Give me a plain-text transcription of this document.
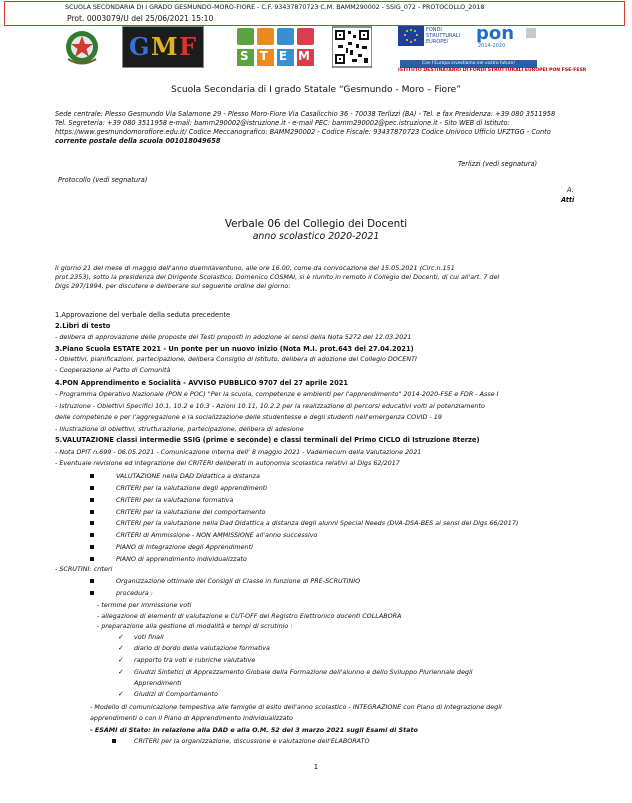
SCUOLA SECONDARIA DI I GRADO GESMUNDO-MORO-FIORE - C.F. 93437870723 C.M. BAMM290002 - SSIG_072 - PROTOCOLLO_2018
Prot. 0003079/U del 25/06/2021 15:10
G M F	STEM
FONDI STRUTTURALI EUROPEI	pon
2014-2020
Con l'Europa investiamo nel vostro futuro!
ISTITUTO DESTINATARIO DI FONDI STRUTTURALI EUROPEI PON FSE-FESR
Scuola Secondaria di I grado Statale “Gesmundo - Moro – Fiore”
Sede centrale: Plesso Gesmundo Via Salamone 29 - Plesso Moro-Fiore Via Casalicchio 36 - 70038 Terlizzi (BA) - Tel. e fax Presidenza: +39 080 3511958
Tel. Segreteria: +39 080 3511958 e-mail: bamm290002@istruzione.it - e-mail PEC: bamm290002@pec.istruzione.it - Sito WEB di Istituto:
https://www.gesmundomorofiore.edu.it/ Codice Meccanografico: BAMM290002 - Codice Fiscale: 93437870723 Codice Univoco Ufficio UFZTGG - Conto
corrente postale della scuola 001018049658
Terlizzi (vedi segnatura)
Protocollo (vedi segnatura)
A:
Atti
Verbale 06 del Collegio dei Docenti
anno scolastico 2020-2021
Il giorno 21 del mese di maggio dell'anno duemilaventuno, alle ore 16.00, come da convocazione del 15.05.2021 (Circ.n.151
prot.2353), sotto la presidenza del Dirigente Scolastico, Domenico COSMAI, si è riunito in remoto il Collegio dei Docenti, di cui all'art. 7 del
Dlgs 297/1994, per discutere e deliberare sul seguente ordine del giorno:
1.Approvazione del verbale della seduta precedente
2.Libri di testo
- delibera di approvazione delle proposte dei Testi proposti in adozione ai sensi della Nota 5272 del 12.03.2021
3.Piano Scuola ESTATE 2021 - Un ponte per un nuovo inizio (Nota M.I. prot.643 del 27.04.2021)
- Obiettivi, pianificazioni, partecipazione, delibera Consiglio di Istituto, delibera di adozione del Collegio DOCENTI
- Cooperazione al Patto di Comunità
4.PON Apprendimento e Socialità - AVVISO PUBBLICO 9707 del 27 aprile 2021
- Programma Operativo Nazionale (PON e POC) "Per la scuola, competenze e ambienti per l'apprendimento" 2014-2020-FSE e FDR - Asse I
- Istruzione - Obiettivi Specifici 10.1, 10.2 e 10.3 - Azioni 10.11, 10.2.2 per la realizzazione di percorsi educativi volti al potenziamento
delle competenze e per l'aggregazione e la socializzazione delle studentesse e degli studenti nell'emergenza COVID - 19
- Illustrazione di obiettivi, strutturazione, partecipazione, delibera di adesione
5.VALUTAZIONE classi intermedie SSIG (prime e seconde) e classi terminali del Primo CICLO di Istruzione 8terze)
- Nota DPIT n.699 - 06.05.2021 - Comunicazione interna dell' 8 maggio 2021 - Vademecum della Valutazione 2021
- Eventuale revisione ed integrazione dei CRITERI deliberati in autonomia scolastica relativi al Dlgs 62/2017
VALUTAZIONE nella DAD Didattica a distanza
CRITERI per la valutazione degli apprendimenti
CRITERI per la valutazione formativa
CRITERI per la valutazione del comportamento
CRITERI per la valutazione nella Dad Didattica a distanza degli alunni Special Needs (DVA-DSA-BES ai sensi del Dlgs 66/2017)
CRITERI di Ammissione - NON AMMISSIONE all'anno successivo
PIANO di Integrazione degli Apprendimenti
PIANO di apprendimento individualizzato
- SCRUTINI: criteri
Organizzazione ottimale dei Consigli di Classe in funzione di PRE-SCRUTINIO
procedura :
- termine per immissione voti
- allegazione di elementi di valutazione e CUT-OFF del Registro Elettronico docenti COLLABORA
- preparazione alla gestione di modalità e tempi di scrutinio :
✓ voti finali
✓ diario di bordo della valutazione formativa
✓ rapporto tra voti e rubriche valutative
✓ Giudizi Sintetici di Apprezzamento Globale della Formazione dell'alunno e dello Sviluppo Pluriennale degli
Apprendimenti
✓ Giudizi di Comportamento
- Modello di comunicazione tempestiva alle famiglie di esito dell'anno scolastico - INTEGRAZIONE con Piano di Integrazione degli
apprendimenti o con il Piano di Apprendimento Individualizzato
- ESAMI di Stato: in relazione alla DAD e alla O.M. 52 del 3 marzo 2021 sugli Esami di Stato
CRITERI per la organizzazione, discussione e valutazione dell'ELABORATO
1
